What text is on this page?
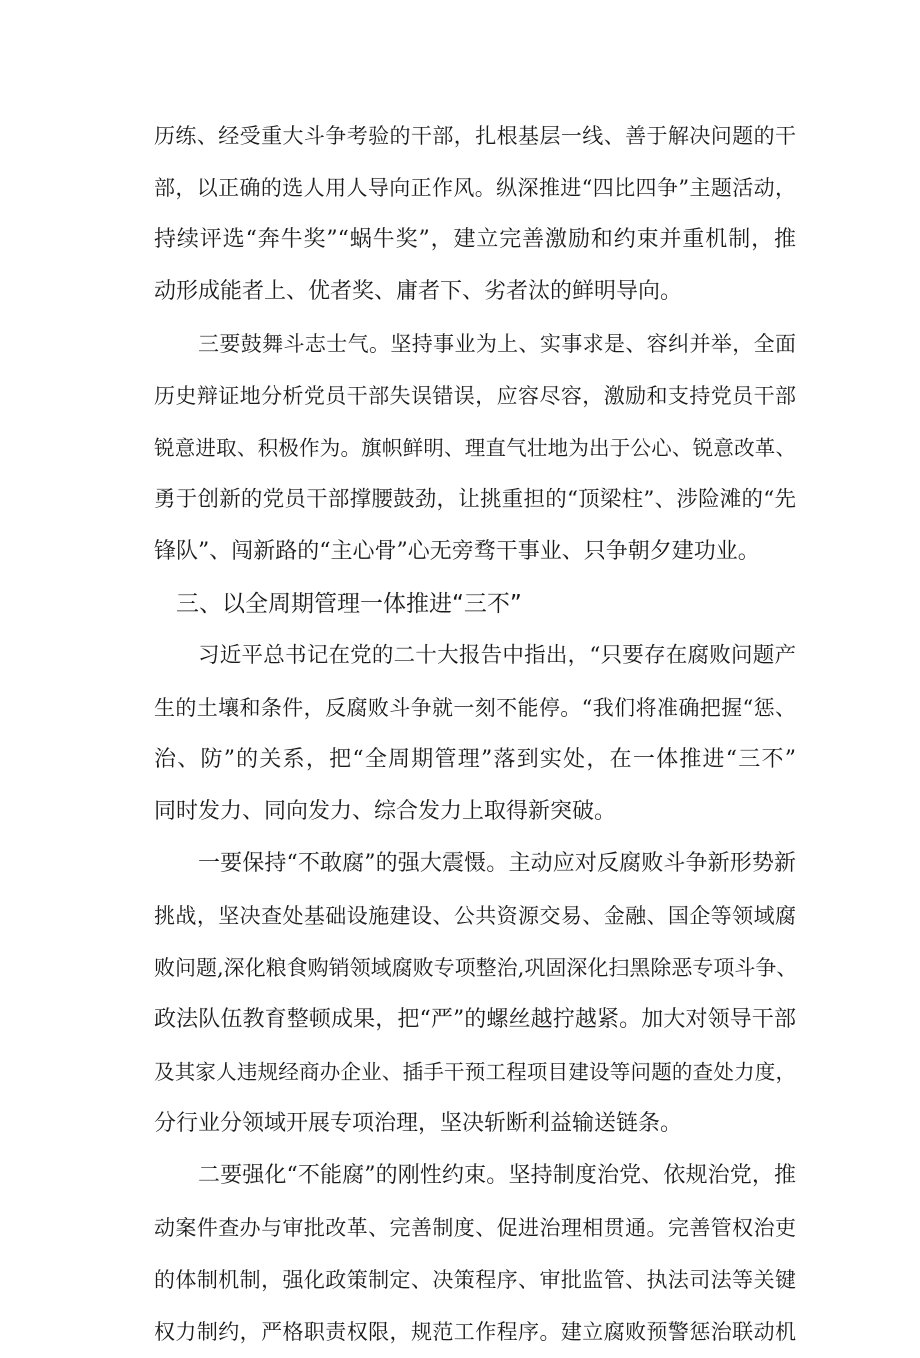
历练、经受重大斗争考验的干部，扎根基层一线、善于解决问题的干
部，以正确的选人用人导向正作风。纵深推进“四比四争”主题活动，
持续评选“奔牛奖”“蜗牛奖”，建立完善激励和约束并重机制，推
动形成能者上、优者奖、庸者下、劣者汰的鲜明导向。
三要鼓舞斗志士气。坚持事业为上、实事求是、容纠并举，全面
历史辩证地分析党员干部失误错误，应容尽容，激励和支持党员干部
锐意进取、积极作为。旗帜鲜明、理直气壮地为出于公心、锐意改革、
勇于创新的党员干部撑腰鼓劲，让挑重担的“顶梁柱”、涉险滩的“先
锋队”、闯新路的“主心骨”心无旁骛干事业、只争朝夕建功业。
三、以全周期管理一体推进“三不”
习近平总书记在党的二十大报告中指出，“只要存在腐败问题产
生的土壤和条件，反腐败斗争就一刻不能停。“我们将准确把握“惩、
治、防”的关系，把“全周期管理”落到实处，在一体推进“三不”
同时发力、同向发力、综合发力上取得新突破。
一要保持“不敢腐”的强大震慑。主动应对反腐败斗争新形势新
挑战，坚决查处基础设施建设、公共资源交易、金融、国企等领域腐
败问题,深化粮食购销领域腐败专项整治,巩固深化扫黑除恶专项斗争、
政法队伍教育整顿成果，把“严”的螺丝越拧越紧。加大对领导干部
及其家人违规经商办企业、插手干预工程项目建设等问题的查处力度，
分行业分领域开展专项治理，坚决斩断利益输送链条。
二要强化“不能腐”的刚性约束。坚持制度治党、依规治党，推
动案件查办与审批改革、完善制度、促进治理相贯通。完善管权治吏
的体制机制，强化政策制定、决策程序、审批监管、执法司法等关键
权力制约，严格职责权限，规范工作程序。建立腐败预警惩治联动机
